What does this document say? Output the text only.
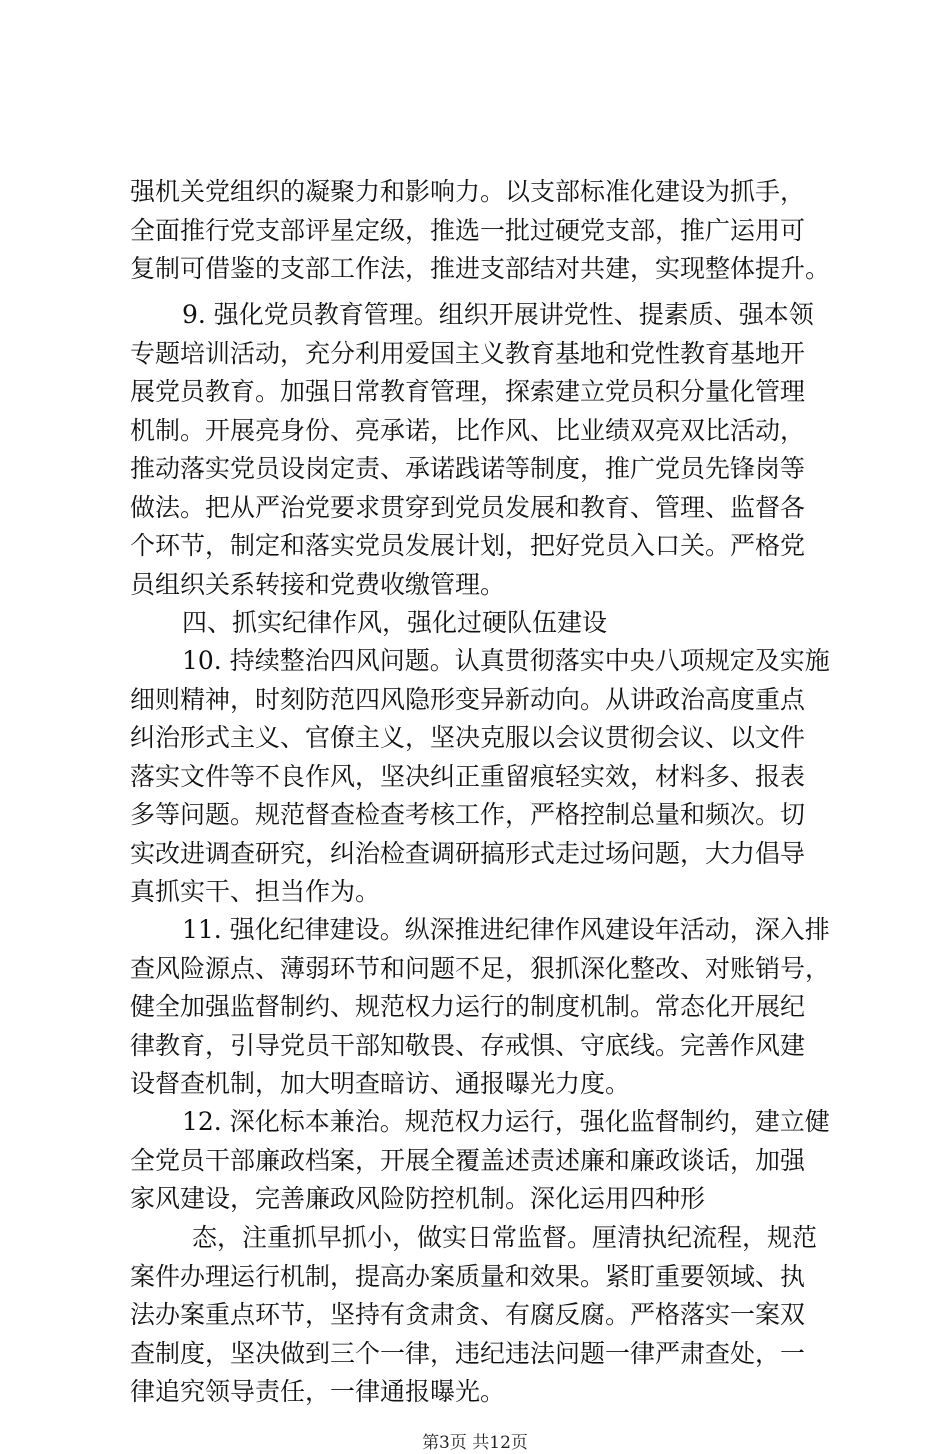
强机关党组织的凝聚力和影响力。以支部标准化建设为抓手，
全面推行党支部评星定级，推选一批过硬党支部，推广运用可
复制可借鉴的支部工作法，推进支部结对共建，实现整体提升。
9. 强化党员教育管理。组织开展讲党性、提素质、强本领
专题培训活动，充分利用爱国主义教育基地和党性教育基地开
展党员教育。加强日常教育管理，探索建立党员积分量化管理
机制。开展亮身份、亮承诺，比作风、比业绩双亮双比活动，
推动落实党员设岗定责、承诺践诺等制度，推广党员先锋岗等
做法。把从严治党要求贯穿到党员发展和教育、管理、监督各
个环节，制定和落实党员发展计划，把好党员入口关。严格党
员组织关系转接和党费收缴管理。
四、抓实纪律作风，强化过硬队伍建设
10. 持续整治四风问题。认真贯彻落实中央八项规定及实施
细则精神，时刻防范四风隐形变异新动向。从讲政治高度重点
纠治形式主义、官僚主义，坚决克服以会议贯彻会议、以文件
落实文件等不良作风，坚决纠正重留痕轻实效，材料多、报表
多等问题。规范督查检查考核工作，严格控制总量和频次。切
实改进调查研究，纠治检查调研搞形式走过场问题，大力倡导
真抓实干、担当作为。
11. 强化纪律建设。纵深推进纪律作风建设年活动，深入排
查风险源点、薄弱环节和问题不足，狠抓深化整改、对账销号，
健全加强监督制约、规范权力运行的制度机制。常态化开展纪
律教育，引导党员干部知敬畏、存戒惧、守底线。完善作风建
设督查机制，加大明查暗访、通报曝光力度。
12. 深化标本兼治。规范权力运行，强化监督制约，建立健
全党员干部廉政档案，开展全覆盖述责述廉和廉政谈话，加强
家风建设，完善廉政风险防控机制。深化运用四种形
态，注重抓早抓小，做实日常监督。厘清执纪流程，规范
案件办理运行机制，提高办案质量和效果。紧盯重要领域、执
法办案重点环节，坚持有贪肃贪、有腐反腐。严格落实一案双
查制度，坚决做到三个一律，违纪违法问题一律严肃查处，一
律追究领导责任，一律通报曝光。
第3页 共12页
